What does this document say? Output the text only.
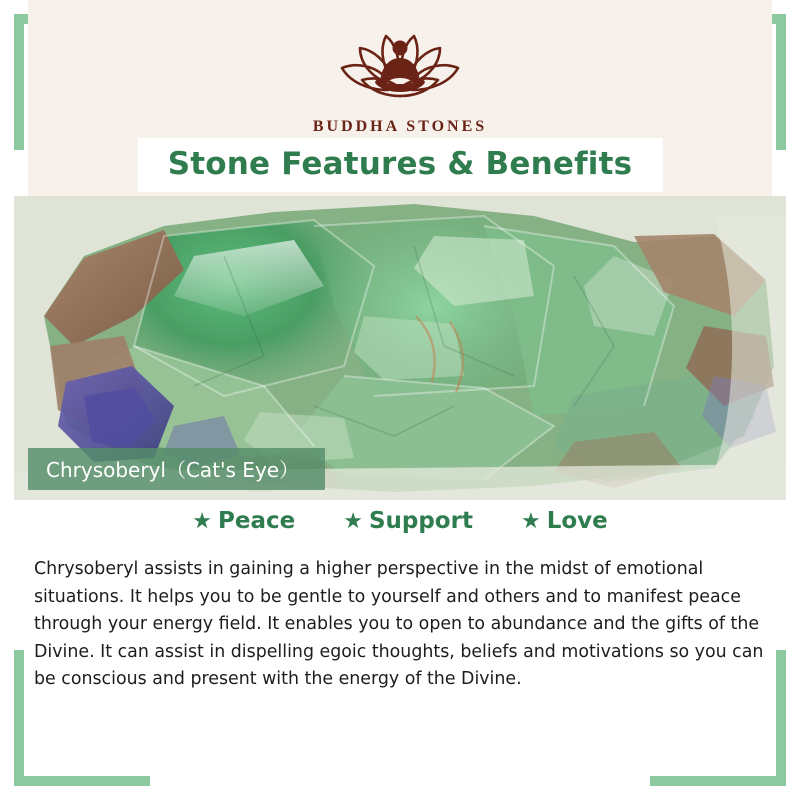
BUDDHA STONES
Stone Features & Benefits
Chrysoberyl（Cat's Eye）
★ Peace ★ Support ★ Love
Chrysoberyl assists in gaining a higher perspective in the midst of emotional situations. It helps you to be gentle to yourself and others and to manifest peace through your energy field. It enables you to open to abundance and the gifts of the Divine. It can assist in dispelling egoic thoughts, beliefs and motivations so you can be conscious and present with the energy of the Divine.
